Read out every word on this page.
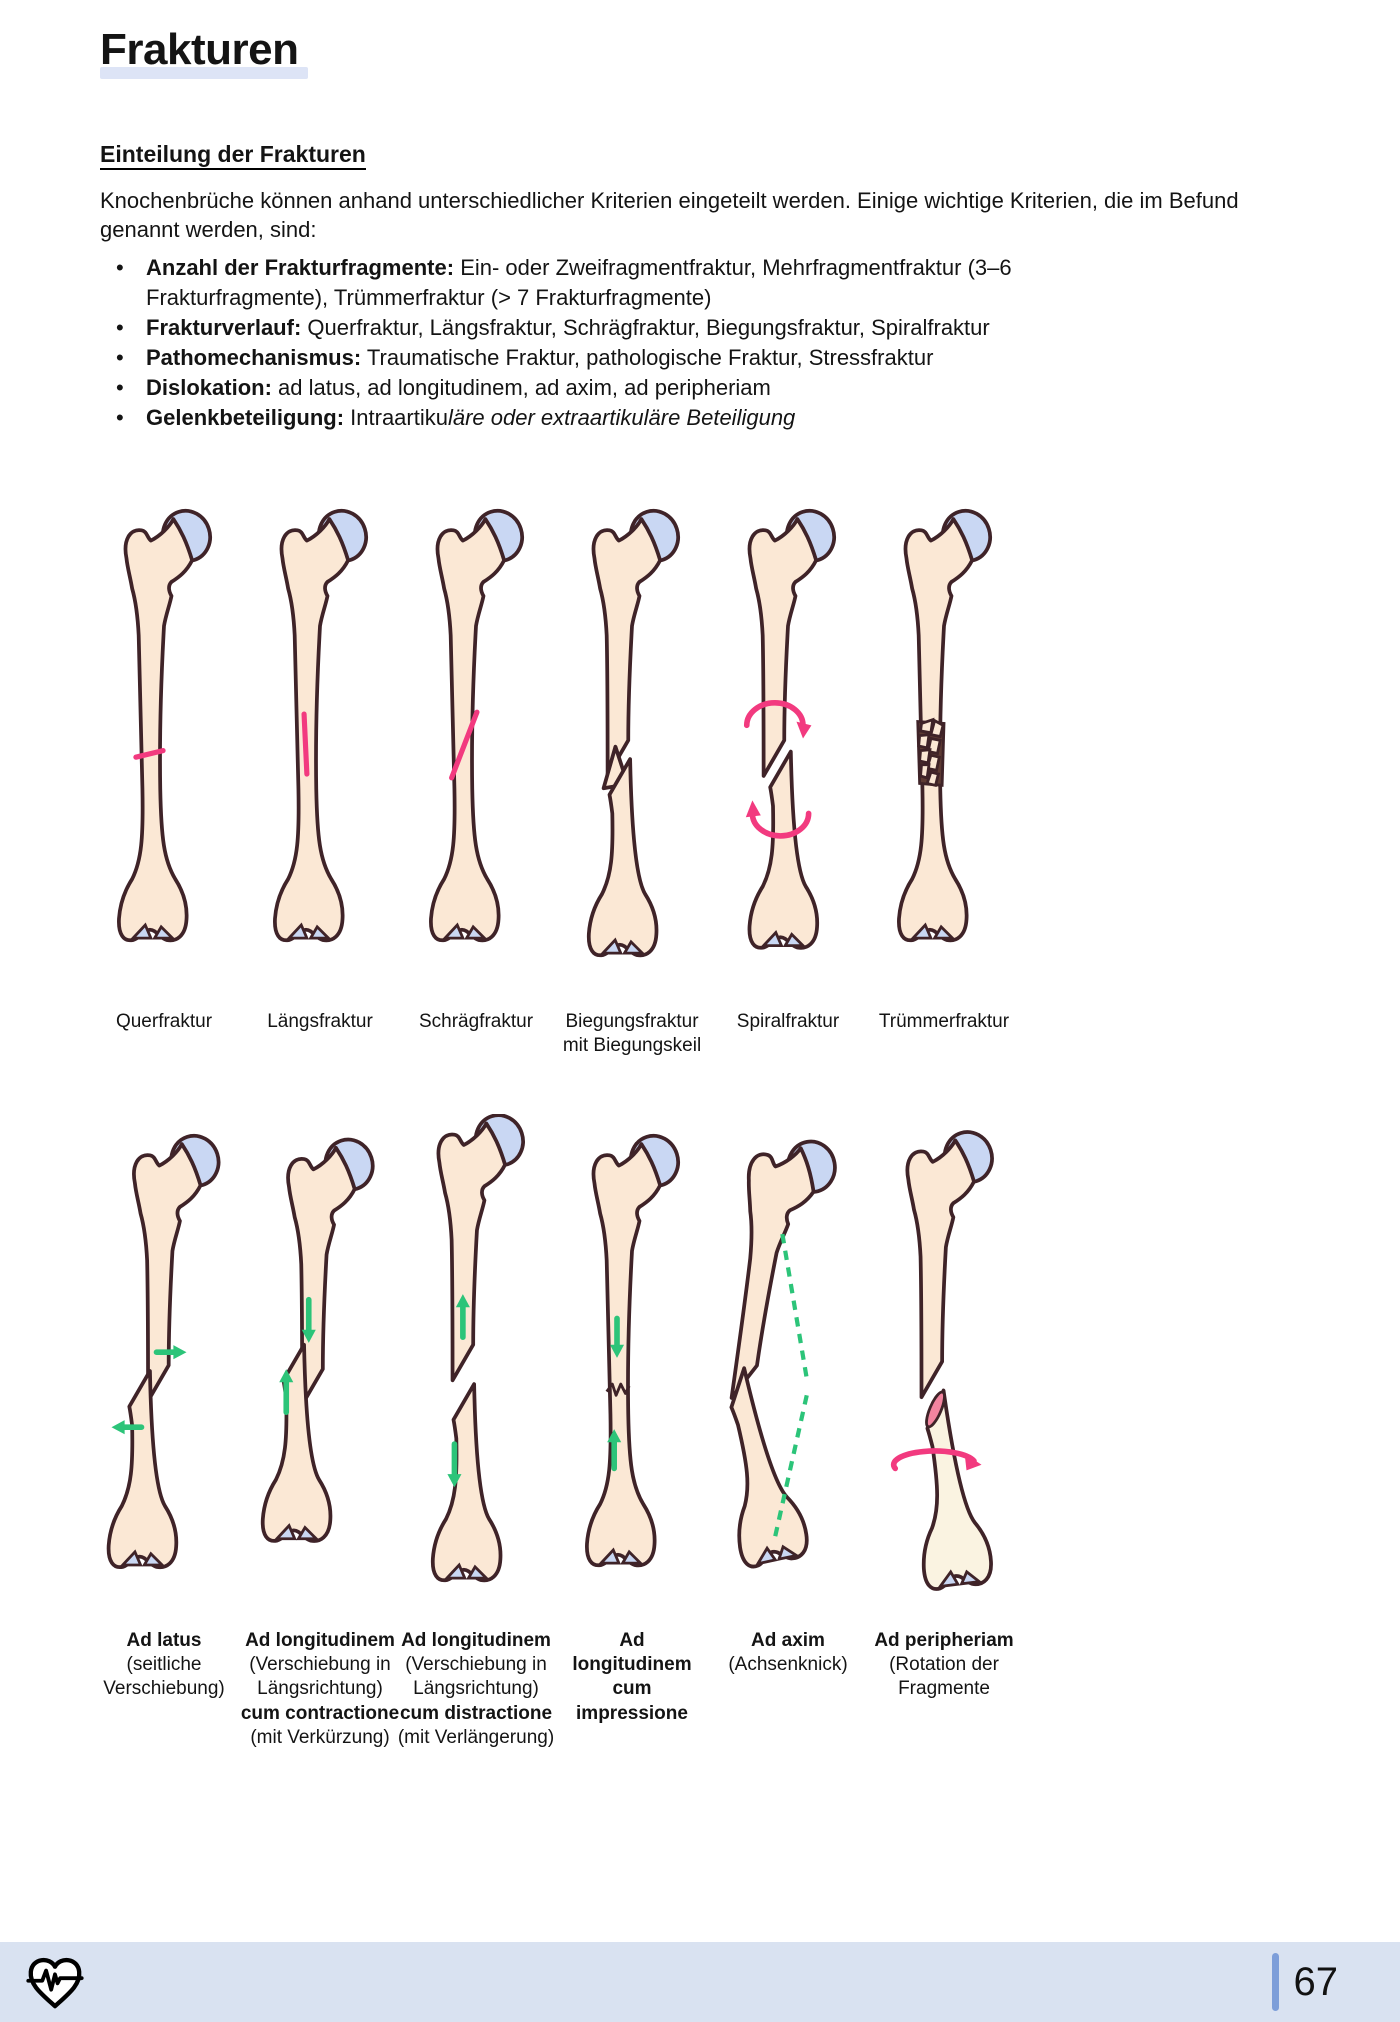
Frakturen
Einteilung der Frakturen

Knochenbrüche können anhand unterschiedlicher Kriterien eingeteilt werden. Einige wichtige Kriterien, die im Befund genannt werden, sind:

• Anzahl der Frakturfragmente: Ein- oder Zweifragmentfraktur, Mehrfragmentfraktur (3–6 Frakturfragmente), Trümmerfraktur (> 7 Frakturfragmente)
• Frakturverlauf: Querfraktur, Längsfraktur, Schrägfraktur, Biegungsfraktur, Spiralfraktur
• Pathomechanismus: Traumatische Fraktur, pathologische Fraktur, Stressfraktur
• Dislokation: ad latus, ad longitudinem, ad axim, ad peripheriam
• Gelenkbeteiligung: Intraartikuläre oder extraartikuläre Beteiligung
Querfraktur	Längsfraktur Schrägfraktur Biegungsfraktur
mit Biegungskeil
Spiralfraktur Trümmerfraktur
Ad latus
(seitliche
Verschiebung)
Ad longitudinem
(Verschiebung in
Längsrichtung)
cum contractione
(mit Verkürzung)
Ad longitudinem
(Verschiebung in
Längsrichtung)
cum distractione
(mit Verlängerung)
Ad
longitudinem
cum
impressione
Ad axim
(Achsenknick)
Ad peripheriam
(Rotation der
Fragmente
67
